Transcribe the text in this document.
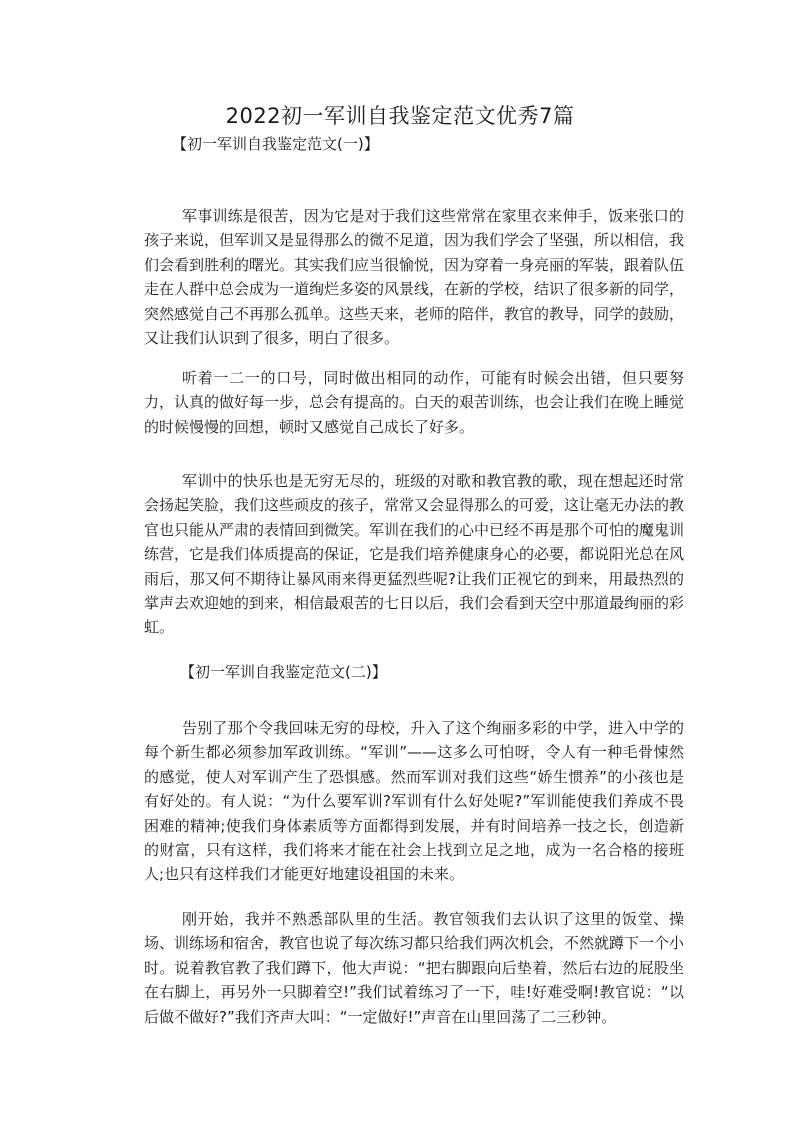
2022初一军训自我鉴定范文优秀7篇
【初一军训自我鉴定范文(一)】

军事训练是很苦，因为它是对于我们这些常常在家里衣来伸手，饭来张口的孩子来说，但军训又是显得那么的微不足道，因为我们学会了坚强，所以相信，我们会看到胜利的曙光。其实我们应当很愉悦，因为穿着一身亮丽的军装，跟着队伍走在人群中总会成为一道绚烂多姿的风景线，在新的学校，结识了很多新的同学，突然感觉自己不再那么孤单。这些天来，老师的陪伴，教官的教导，同学的鼓励，又让我们认识到了很多，明白了很多。

听着一二一的口号，同时做出相同的动作，可能有时候会出错，但只要努力，认真的做好每一步，总会有提高的。白天的艰苦训练，也会让我们在晚上睡觉的时候慢慢的回想，顿时又感觉自己成长了好多。

军训中的快乐也是无穷无尽的，班级的对歌和教官教的歌，现在想起还时常会扬起笑脸，我们这些顽皮的孩子，常常又会显得那么的可爱，这让毫无办法的教官也只能从严肃的表情回到微笑。军训在我们的心中已经不再是那个可怕的魔鬼训练营，它是我们体质提高的保证，它是我们培养健康身心的必要，都说阳光总在风雨后，那又何不期待让暴风雨来得更猛烈些呢?让我们正视它的到来，用最热烈的掌声去欢迎她的到来，相信最艰苦的七日以后，我们会看到天空中那道最绚丽的彩虹。

【初一军训自我鉴定范文(二)】

告别了那个令我回味无穷的母校，升入了这个绚丽多彩的中学，进入中学的每个新生都必须参加军政训练。“军训”——这多么可怕呀，令人有一种毛骨悚然的感觉，使人对军训产生了恐惧感。然而军训对我们这些“娇生惯养”的小孩也是有好处的。有人说：“为什么要军训?军训有什么好处呢?”军训能使我们养成不畏困难的精神;使我们身体素质等方面都得到发展，并有时间培养一技之长，创造新的财富，只有这样，我们将来才能在社会上找到立足之地，成为一名合格的接班人;也只有这样我们才能更好地建设祖国的未来。

刚开始，我并不熟悉部队里的生活。教官领我们去认识了这里的饭堂、操场、训练场和宿舍，教官也说了每次练习都只给我们两次机会，不然就蹲下一个小时。说着教官教了我们蹲下，他大声说：“把右脚跟向后垫着，然后右边的屁股坐在右脚上，再另外一只脚着空!”我们试着练习了一下，哇!好难受啊!教官说：“以后做不做好?”我们齐声大叫：“一定做好!”声音在山里回荡了二三秒钟。
